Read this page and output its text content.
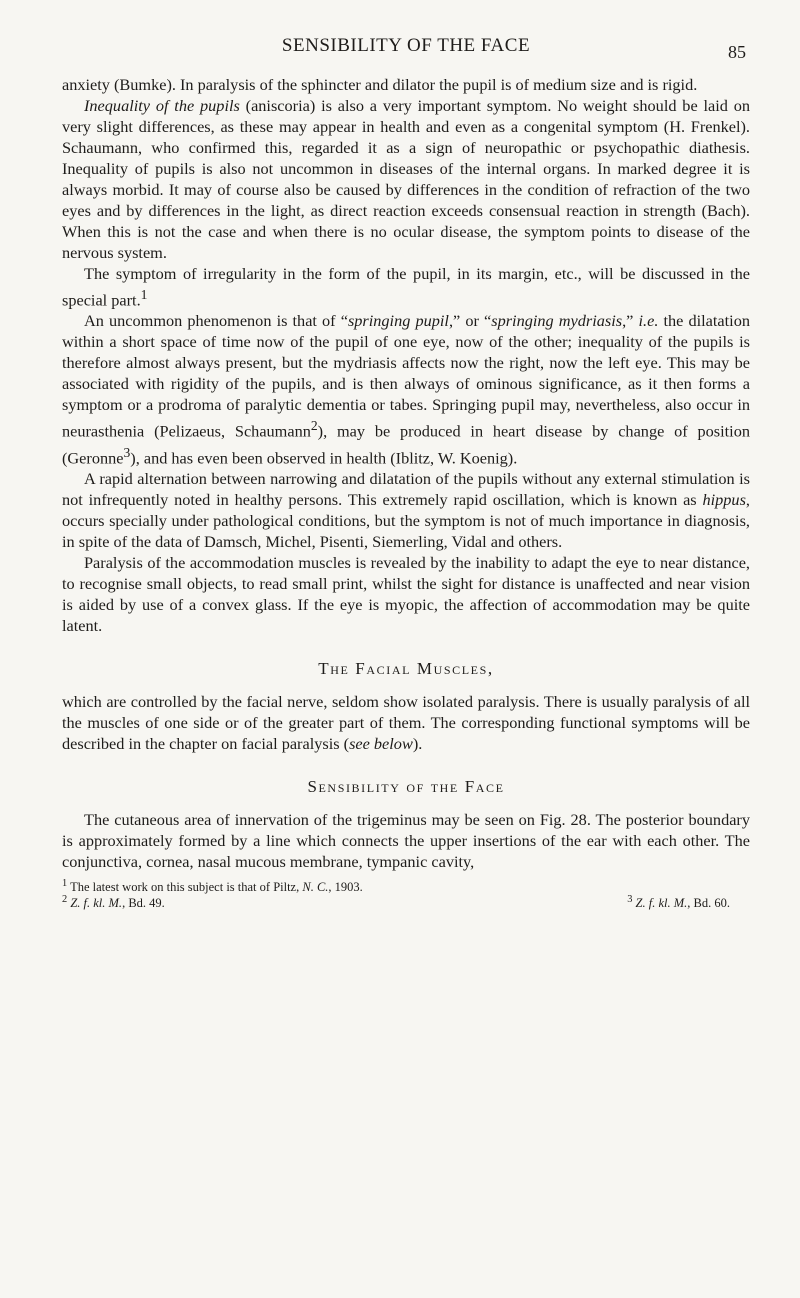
SENSIBILITY OF THE FACE	85

anxiety (Bumke). In paralysis of the sphincter and dilator the pupil is of medium size and is rigid.

Inequality of the pupils (aniscoria) is also a very important symptom. No weight should be laid on very slight differences, as these may appear in health and even as a congenital symptom (H. Frenkel). Schaumann, who confirmed this, regarded it as a sign of neuropathic or psychopathic diathesis. Inequality of pupils is also not uncommon in diseases of the internal organs. In marked degree it is always morbid. It may of course also be caused by differences in the condition of refraction of the two eyes and by differences in the light, as direct reaction exceeds consensual reaction in strength (Bach). When this is not the case and when there is no ocular disease, the symptom points to disease of the nervous system.

The symptom of irregularity in the form of the pupil, in its margin, etc., will be discussed in the special part.$^1$

An uncommon phenomenon is that of “springing pupil,” or “springing mydriasis,” i.e. the dilatation within a short space of time now of the pupil of one eye, now of the other; inequality of the pupils is therefore almost always present, but the mydriasis affects now the right, now the left eye. This may be associated with rigidity of the pupils, and is then always of ominous significance, as it then forms a symptom or a prodroma of paralytic dementia or tabes. Springing pupil may, nevertheless, also occur in neurasthenia (Pelizaeus, Schaumann$^2$), may be produced in heart disease by change of position (Geronne$^3$), and has even been observed in health (Iblitz, W. Koenig).

A rapid alternation between narrowing and dilatation of the pupils without any external stimulation is not infrequently noted in healthy persons. This extremely rapid oscillation, which is known as hippus, occurs specially under pathological conditions, but the symptom is not of much importance in diagnosis, in spite of the data of Damsch, Michel, Pisenti, Siemerling, Vidal and others.

Paralysis of the accommodation muscles is revealed by the inability to adapt the eye to near distance, to recognise small objects, to read small print, whilst the sight for distance is unaffected and near vision is aided by use of a convex glass. If the eye is myopic, the affection of accommodation may be quite latent.

The Facial Muscles,

which are controlled by the facial nerve, seldom show isolated paralysis. There is usually paralysis of all the muscles of one side or of the greater part of them. The corresponding functional symptoms will be described in the chapter on facial paralysis (see below).

Sensibility of the Face

The cutaneous area of innervation of the trigeminus may be seen on Fig. 28. The posterior boundary is approximately formed by a line which connects the upper insertions of the ear with each other. The conjunctiva, cornea, nasal mucous membrane, tympanic cavity,

$^1$ The latest work on this subject is that of Piltz, N. C., 1903.
$^2$ Z. f. kl. M., Bd. 49.	$^3$ Z. f. kl. M., Bd. 60.
